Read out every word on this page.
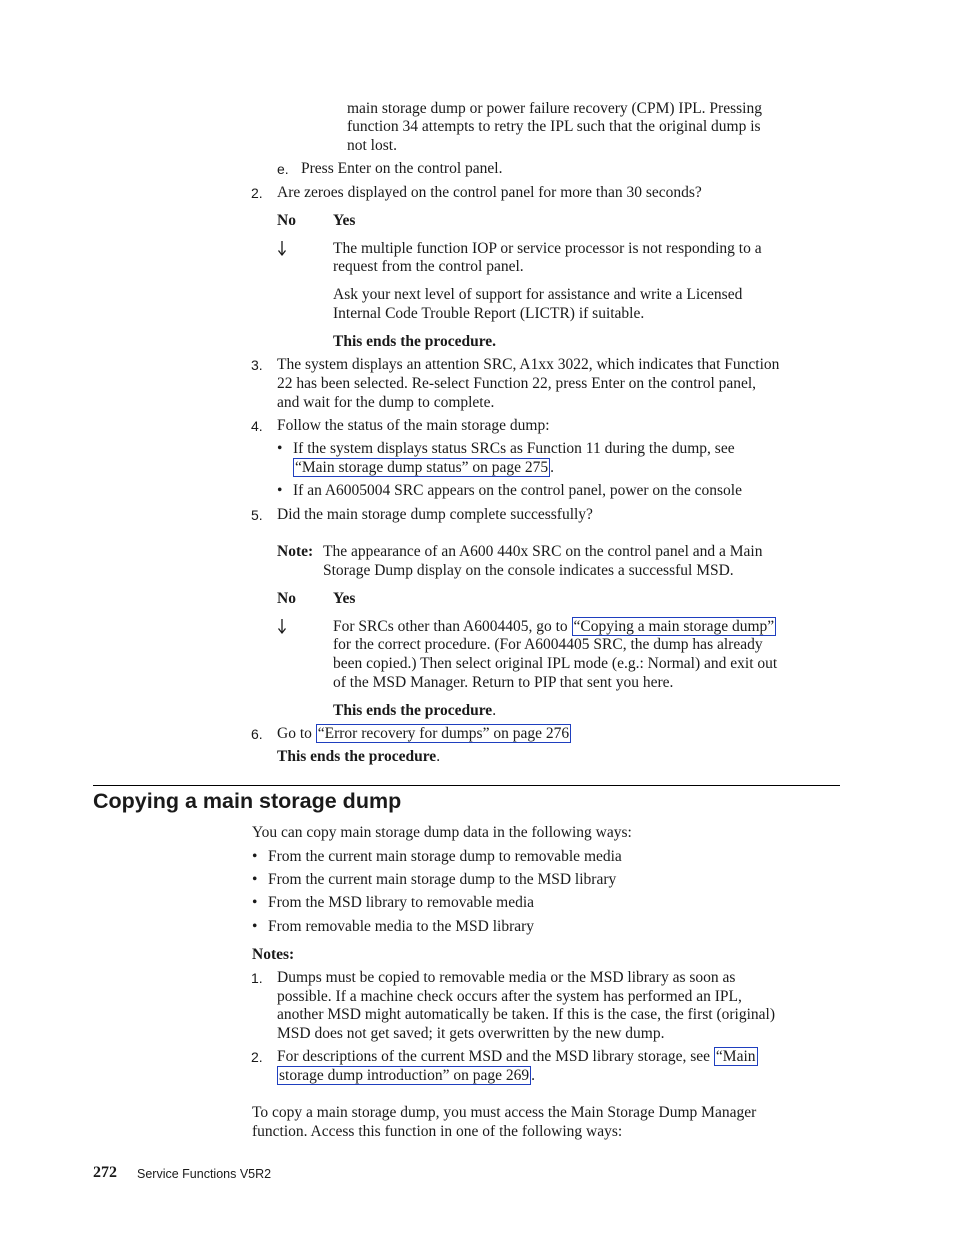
main storage dump or power failure recovery (CPM) IPL. Pressing
function 34 attempts to retry the IPL such that the original dump is
not lost.
e. Press Enter on the control panel.
2. Are zeroes displayed on the control panel for more than 30 seconds?
No Yes
The multiple function IOP or service processor is not responding to a
request from the control panel.
Ask your next level of support for assistance and write a Licensed
Internal Code Trouble Report (LICTR) if suitable.
This ends the procedure.
3. The system displays an attention SRC, A1xx 3022, which indicates that Function
22 has been selected. Re-select Function 22, press Enter on the control panel,
and wait for the dump to complete.
4. Follow the status of the main storage dump:
• If the system displays status SRCs as Function 11 during the dump, see
“Main storage dump status” on page 275 .
• If an A6005004 SRC appears on the control panel, power on the console
5. Did the main storage dump complete successfully?
Note: The appearance of an A600 440x SRC on the control panel and a Main
Storage Dump display on the console indicates a successful MSD.
No Yes
For SRCs other than A6004405, go to “Copying a main storage dump”
for the correct procedure. (For A6004405 SRC, the dump has already
been copied.) Then select original IPL mode (e.g.: Normal) and exit out
of the MSD Manager. Return to PIP that sent you here.
This ends the procedure.
6. Go to “Error recovery for dumps” on page 276
This ends the procedure.
Copying a main storage dump
You can copy main storage dump data in the following ways:
• From the current main storage dump to removable media
• From the current main storage dump to the MSD library
• From the MSD library to removable media
• From removable media to the MSD library
Notes:
1. Dumps must be copied to removable media or the MSD library as soon as
possible. If a machine check occurs after the system has performed an IPL,
another MSD might automatically be taken. If this is the case, the first (original)
MSD does not get saved; it gets overwritten by the new dump.
2. For descriptions of the current MSD and the MSD library storage, see “Main
storage dump introduction” on page 269 .
To copy a main storage dump, you must access the Main Storage Dump Manager
function. Access this function in one of the following ways:
272 Service Functions V5R2
